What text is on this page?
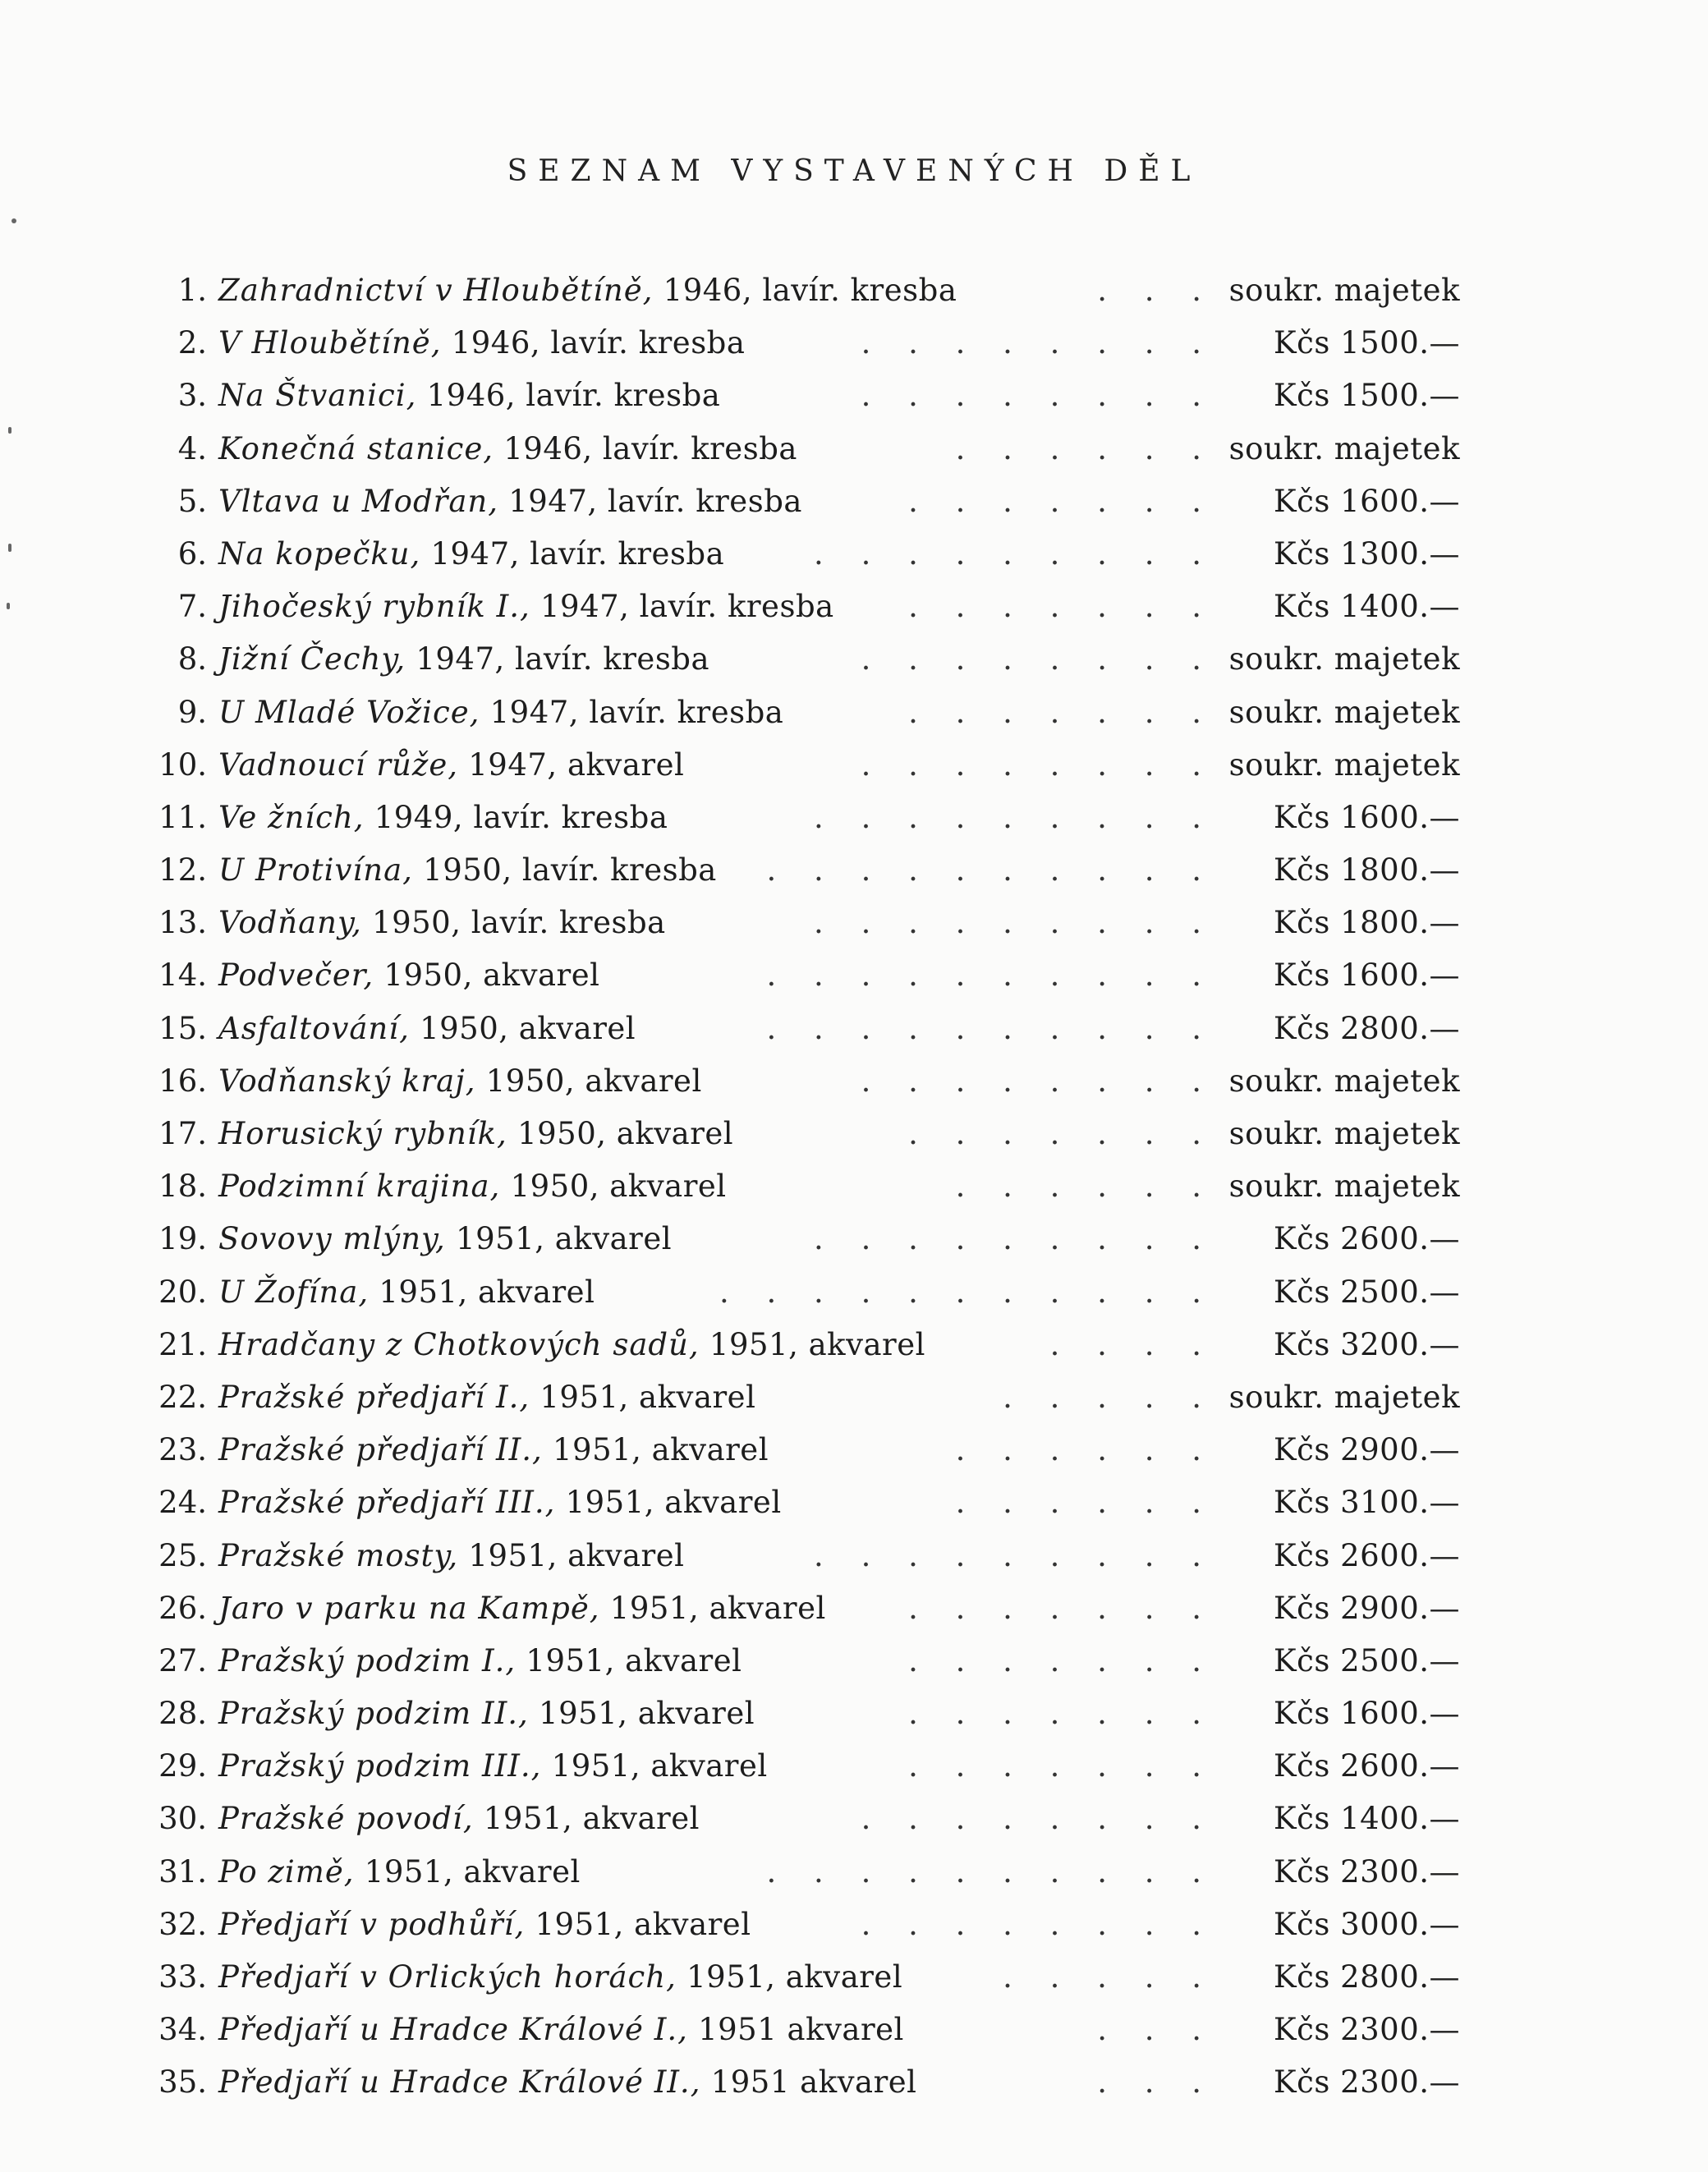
SEZNAM VYSTAVENÝCH DĚL
1. Zahradnictví v Hloubětíně, 1946, lavír. kresba	. . . soukr. majetek
2. V Hloubětíně, 1946, lavír. kresba	. . . . . . . .	Kčs 1500.—
3. Na Štvanici, 1946, lavír. kresba	. . . . . . . .	Kčs 1500.—
4. Konečná stanice, 1946, lavír. kresba	. . . . . . soukr. majetek
5. Vltava u Modřan, 1947, lavír. kresba	. . . . . . .	Kčs 1600.—
6. Na kopečku, 1947, lavír. kresba	. . . . . . . . .	Kčs 1300.—
7. Jihočeský rybník I., 1947, lavír. kresba . . . . . . .	Kčs 1400.—
8. Jižní Čechy, 1947, lavír. kresba	. . . . . . . . soukr. majetek
9. U Mladé Vožice, 1947, lavír. kresba	. . . . . . . soukr. majetek
10. Vadnoucí růže, 1947, akvarel	. . . . . . . . soukr. majetek
11. Ve žních, 1949, lavír. kresba	. . . . . . . . .	Kčs 1600.—
12. U Protivína, 1950, lavír. kresba . . . . . . . . . .	Kčs 1800.—
13. Vodňany, 1950, lavír. kresba	. . . . . . . . .	Kčs 1800.—
14. Podvečer, 1950, akvarel	. . . . . . . . . .	Kčs 1600.—
15. Asfaltování, 1950, akvarel	. . . . . . . . . .	Kčs 2800.—
16. Vodňanský kraj, 1950, akvarel	. . . . . . . . soukr. majetek
17. Horusický rybník, 1950, akvarel	. . . . . . . soukr. majetek
18. Podzimní krajina, 1950, akvarel	. . . . . . soukr. majetek
19. Sovovy mlýny, 1951, akvarel	. . . . . . . . .	Kčs 2600.—
20. U Žofína, 1951, akvarel	. . . . . . . . . . .	Kčs 2500.—
21. Hradčany z Chotkových sadů, 1951, akvarel	. . . .	Kčs 3200.—
22. Pražské předjaří I., 1951, akvarel	. . . . . soukr. majetek
23. Pražské předjaří II., 1951, akvarel	. . . . . .	Kčs 2900.—
24. Pražské předjaří III., 1951, akvarel	. . . . . .	Kčs 3100.—
25. Pražské mosty, 1951, akvarel	. . . . . . . . .	Kčs 2600.—
26. Jaro v parku na Kampě, 1951, akvarel	. . . . . . .	Kčs 2900.—
27. Pražský podzim I., 1951, akvarel	. . . . . . .	Kčs 2500.—
28. Pražský podzim II., 1951, akvarel	. . . . . . .	Kčs 1600.—
29. Pražský podzim III., 1951, akvarel	. . . . . . .	Kčs 2600.—
30. Pražské povodí, 1951, akvarel	. . . . . . . .	Kčs 1400.—
31. Po zimě, 1951, akvarel	. . . . . . . . . .	Kčs 2300.—
32. Předjaří v podhůří, 1951, akvarel	. . . . . . . .	Kčs 3000.—
33. Předjaří v Orlických horách, 1951, akvarel	. . . . .	Kčs 2800.—
34. Předjaří u Hradce Králové I., 1951 akvarel	. . .	Kčs 2300.—
35. Předjaří u Hradce Králové II., 1951 akvarel	. . .	Kčs 2300.—
